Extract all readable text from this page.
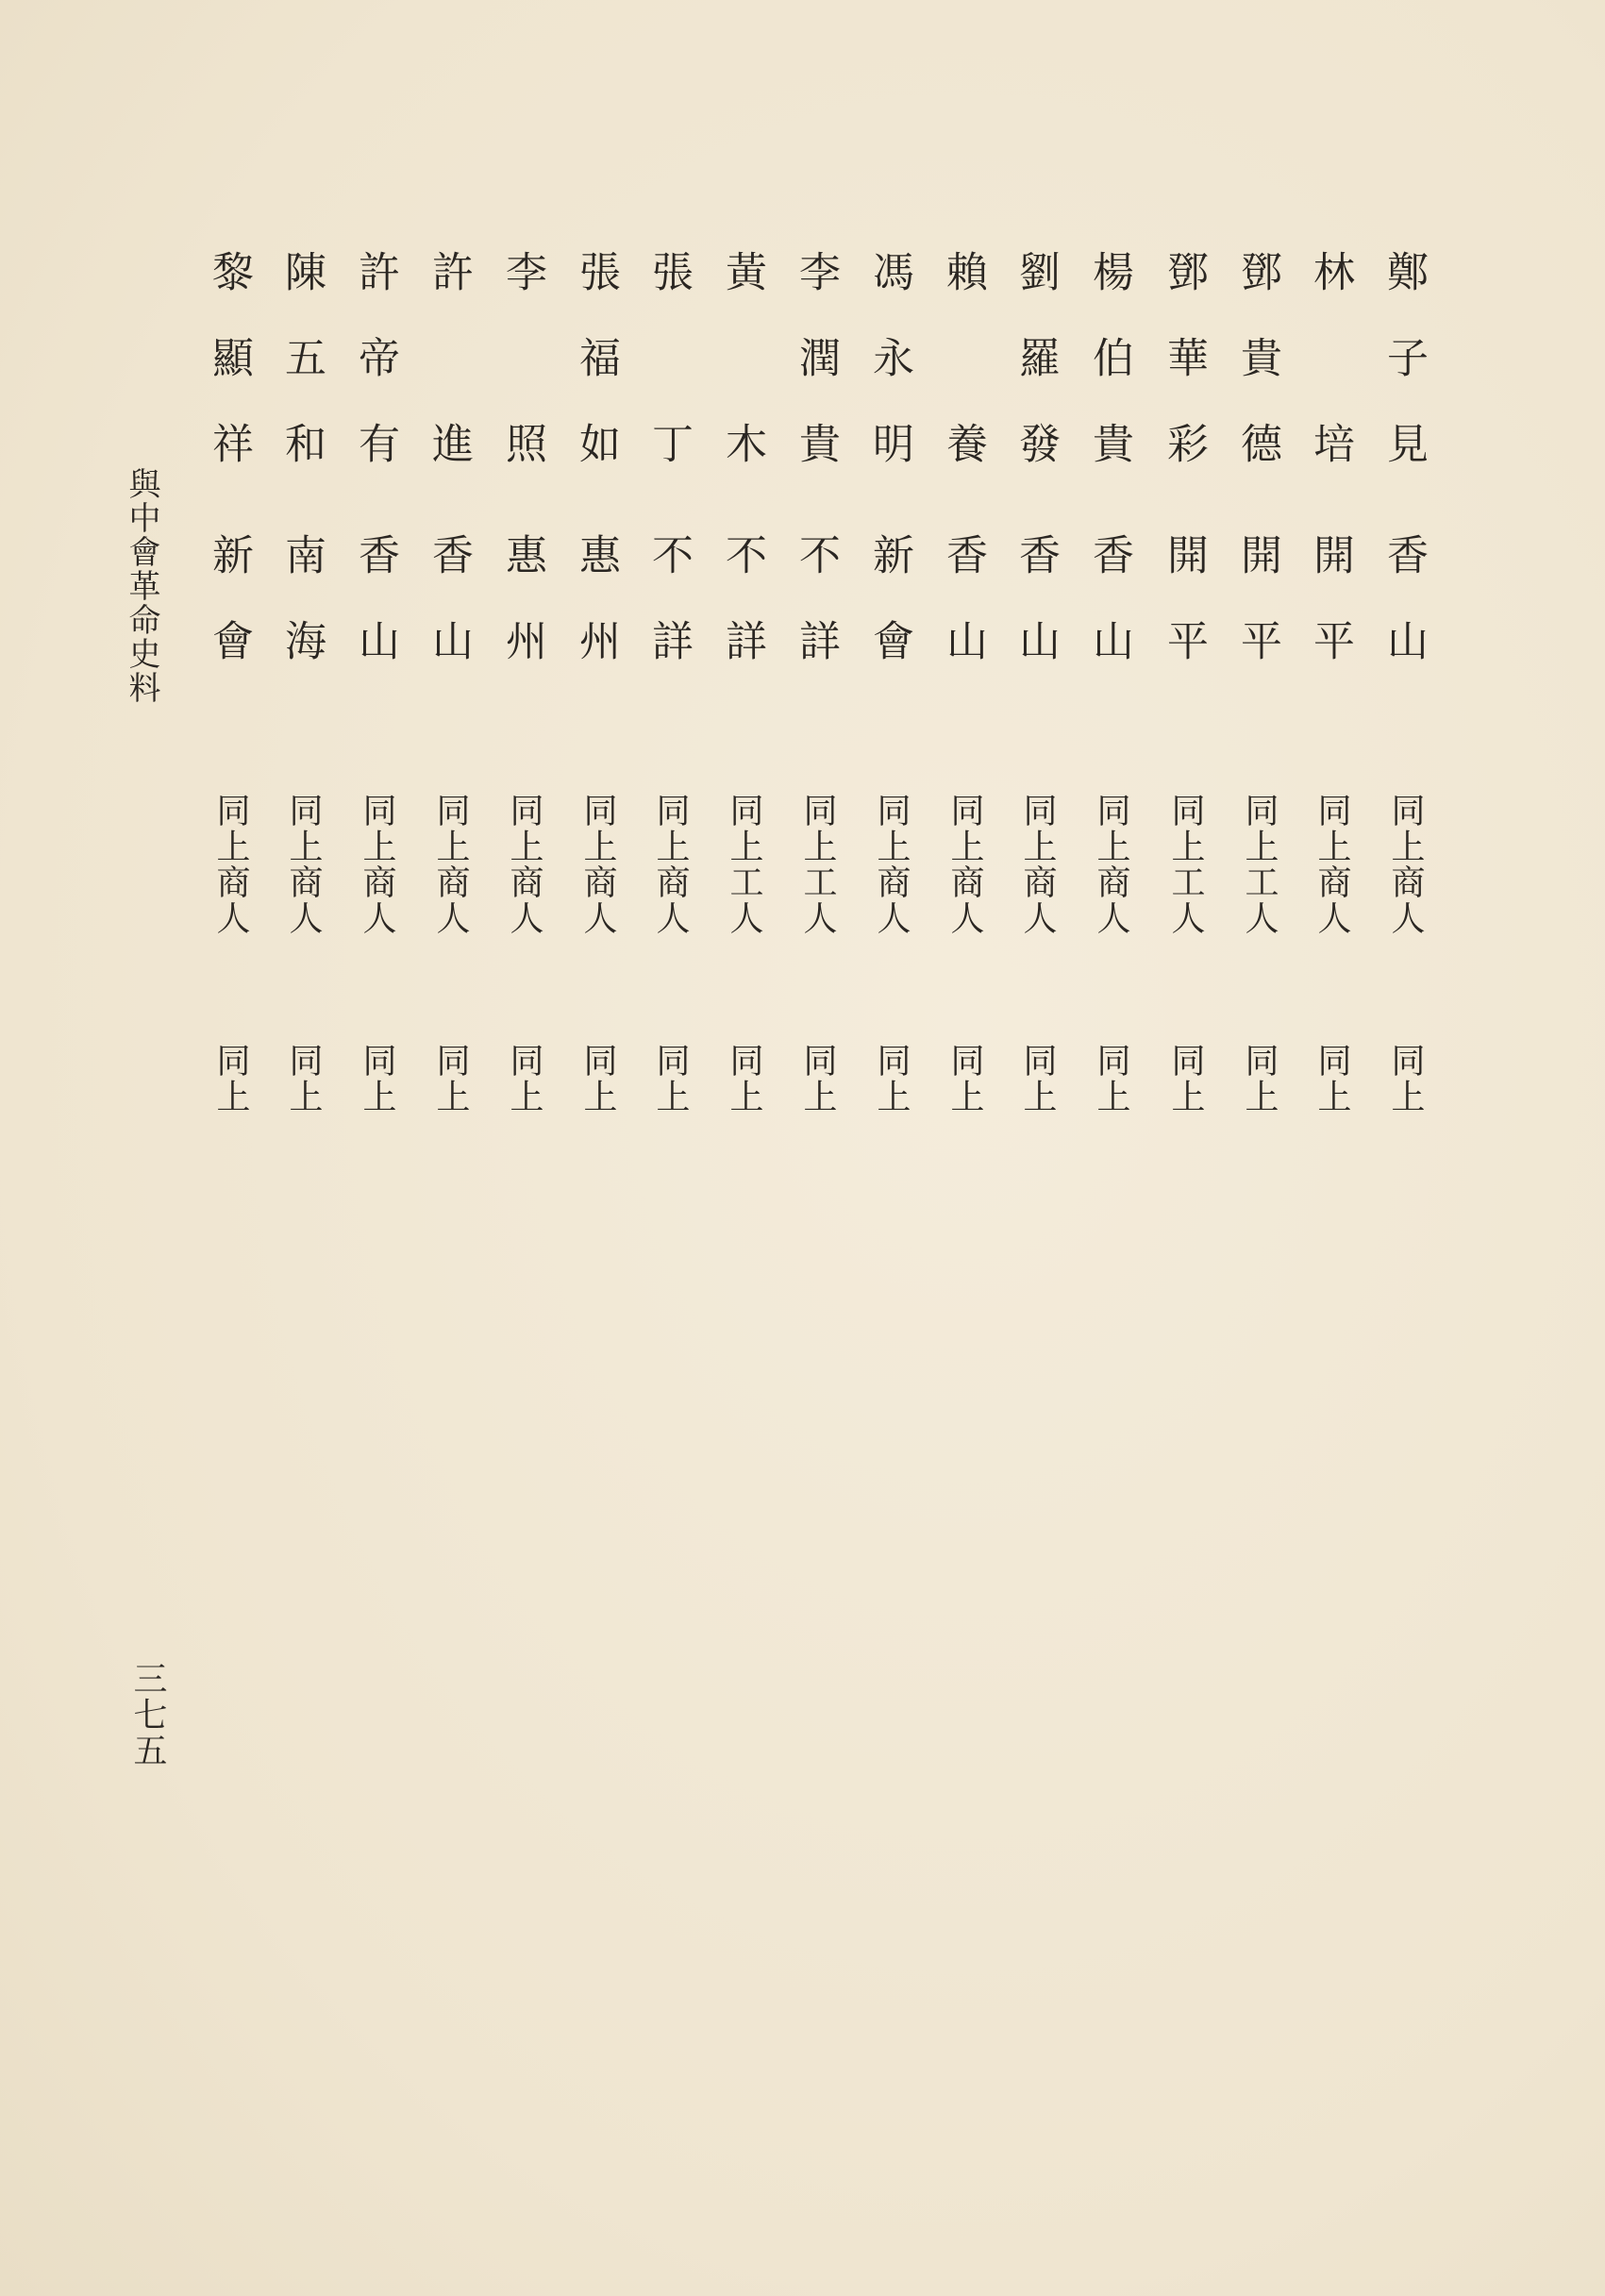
鄭子見
香山
同上商人
同上
林　培
開平
同上商人
同上
鄧貴德
開平
同上工人
同上
鄧華彩
開平
同上工人
同上
楊伯貴
香山
同上商人
同上
劉羅發
香山
同上商人
同上
賴　養
香山
同上商人
同上
馮永明
新會
同上商人
同上
李潤貴
不詳
同上工人
同上
黃　木
不詳
同上工人
同上
張　丁
不詳
同上商人
同上
張福如
惠州
同上商人
同上
李　照
惠州
同上商人
同上
許　進
香山
同上商人
同上
許帝有
香山
同上商人
同上
陳五和
南海
同上商人
同上
黎顯祥
新會
同上商人
同上
與中會革命史料
三七五
